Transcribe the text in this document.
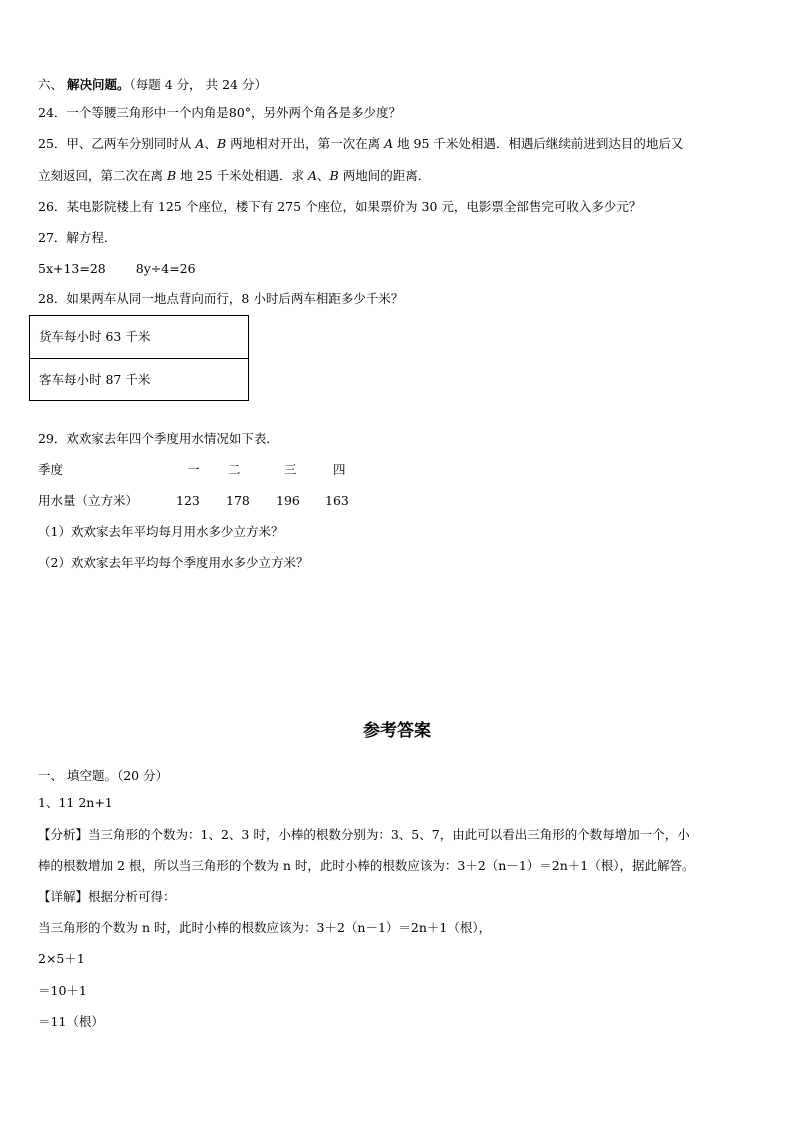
六、 解决问题。（每题 4 分， 共 24 分）
24．一个等腰三角形中一个内角是80°，另外两个角各是多少度？
25．甲、乙两车分别同时从 A、B 两地相对开出，第一次在离 A 地 95 千米处相遇．相遇后继续前进到达目的地后又
立刻返回，第二次在离 B 地 25 千米处相遇．求 A、B 两地间的距离．
26．某电影院楼上有 125 个座位，楼下有 275 个座位，如果票价为 30 元，电影票全部售完可收入多少元？
27．解方程．
5x+13=28 8y÷4=26
28．如果两车从同一地点背向而行，8 小时后两车相距多少千米？
货车每小时 63 千米
客车每小时 87 千米
29．欢欢家去年四个季度用水情况如下表．
季度	一 二	三	四
用水量（立方米）	123 178 196 163
（1）欢欢家去年平均每月用水多少立方米？
（2）欢欢家去年平均每个季度用水多少立方米？
参考答案
一、 填空题。（20 分）
1、11 2n+1
【分析】当三角形的个数为：1、2、3 时，小棒的根数分别为：3、5、7，由此可以看出三角形的个数每增加一个，小
棒的根数增加 2 根，所以当三角形的个数为 n 时，此时小棒的根数应该为：3＋2（n－1）＝2n＋1（根），据此解答。
【详解】根据分析可得：
当三角形的个数为 n 时，此时小棒的根数应该为：3＋2（n－1）＝2n＋1（根），
2×5＋1
＝10＋1
＝11（根）
